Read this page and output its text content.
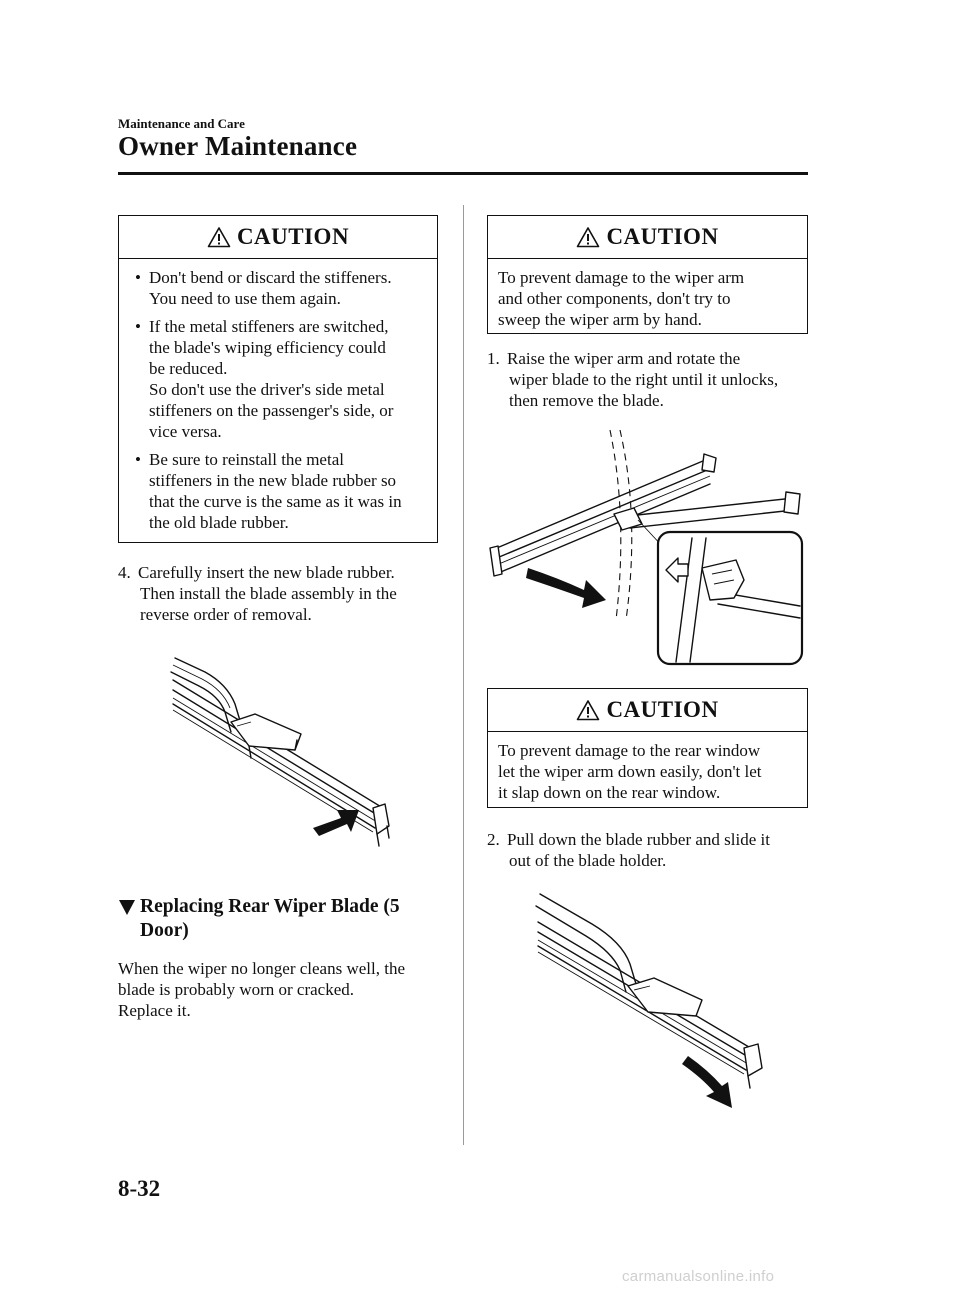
Maintenance and Care
Owner Maintenance
CAUTION
• Don't bend or discard the stiffeners.
You need to use them again.
• If the metal stiffeners are switched,
the blade's wiping efficiency could
be reduced.
So don't use the driver's side metal
stiffeners on the passenger's side, or
vice versa.
• Be sure to reinstall the metal
stiffeners in the new blade rubber so
that the curve is the same as it was in
the old blade rubber.
4. Carefully insert the new blade rubber.
Then install the blade assembly in the
reverse order of removal.
Replacing Rear Wiper Blade (5
Door)
When the wiper no longer cleans well, the
blade is probably worn or cracked.
Replace it.
CAUTION
To prevent damage to the wiper arm
and other components, don't try to
sweep the wiper arm by hand.
1. Raise the wiper arm and rotate the
wiper blade to the right until it unlocks,
then remove the blade.
CAUTION
To prevent damage to the rear window
let the wiper arm down easily, don't let
it slap down on the rear window.
2. Pull down the blade rubber and slide it
out of the blade holder.
8-32
carmanualsonline.info
